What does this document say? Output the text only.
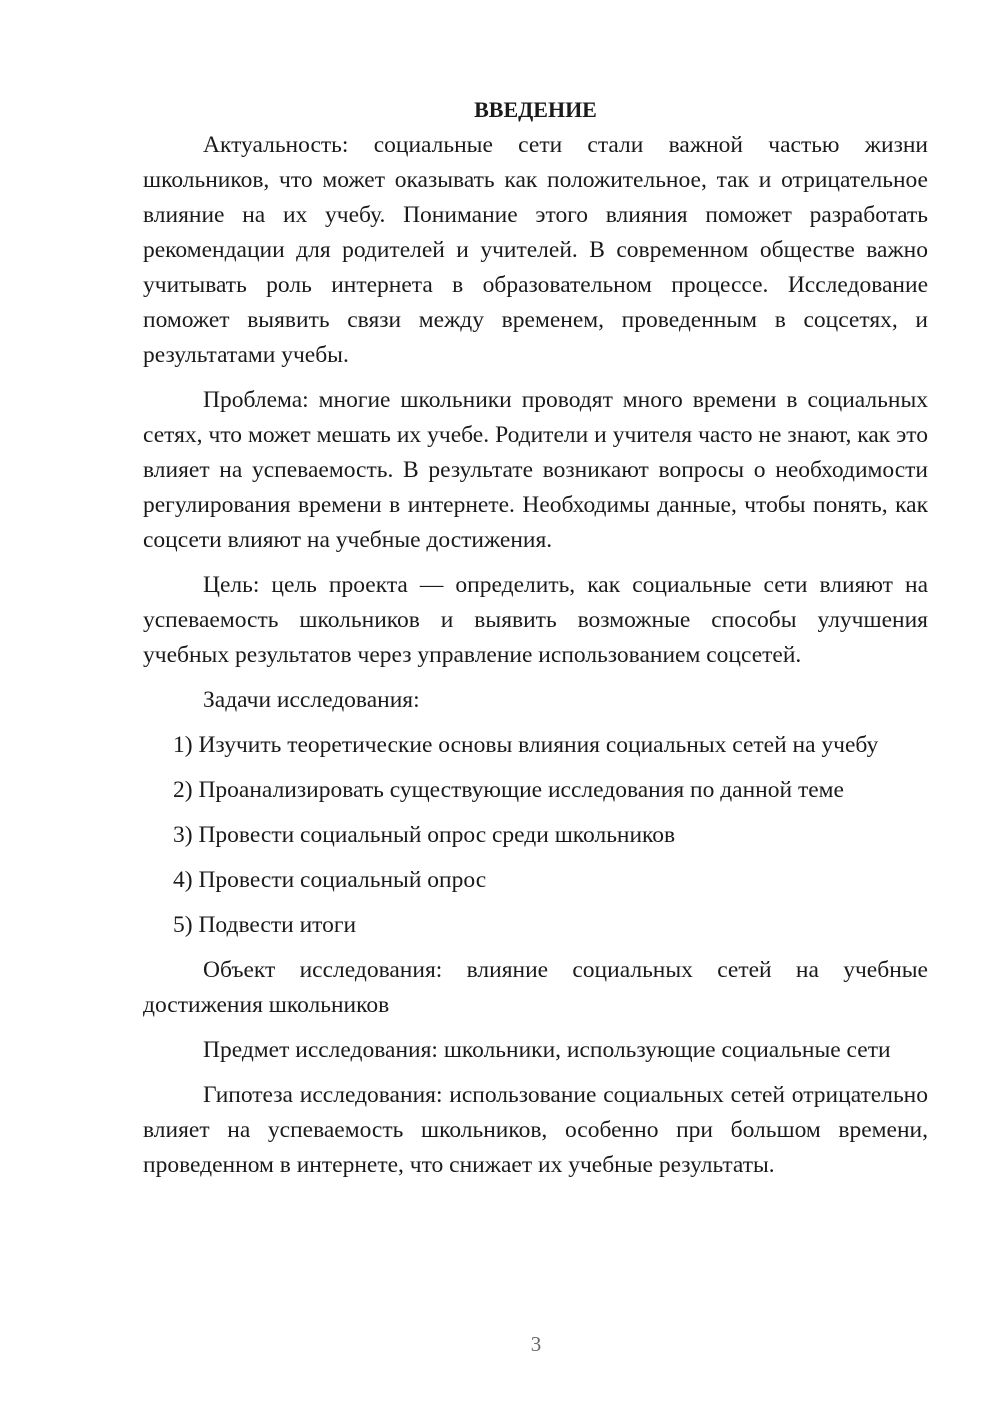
ВВЕДЕНИЕ

Актуальность: социальные сети стали важной частью жизни школьников, что может оказывать как положительное, так и отрицательное влияние на их учебу. Понимание этого влияния поможет разработать рекомендации для родителей и учителей. В современном обществе важно учитывать роль интернета в образовательном процессе. Исследование поможет выявить связи между временем, проведенным в соцсетях, и результатами учебы.

Проблема: многие школьники проводят много времени в социальных сетях, что может мешать их учебе. Родители и учителя часто не знают, как это влияет на успеваемость. В результате возникают вопросы о необходимости регулирования времени в интернете. Необходимы данные, чтобы понять, как соцсети влияют на учебные достижения.

Цель: цель проекта — определить, как социальные сети влияют на успеваемость школьников и выявить возможные способы улучшения учебных результатов через управление использованием соцсетей.

Задачи исследования:

1) Изучить теоретические основы влияния социальных сетей на учебу
2) Проанализировать существующие исследования по данной теме
3) Провести социальный опрос среди школьников
4) Провести социальный опрос
5) Подвести итоги

Объект исследования: влияние социальных сетей на учебные достижения школьников

Предмет исследования: школьники, использующие социальные сети

Гипотеза исследования: использование социальных сетей отрицательно влияет на успеваемость школьников, особенно при большом времени, проведенном в интернете, что снижает их учебные результаты.

3
